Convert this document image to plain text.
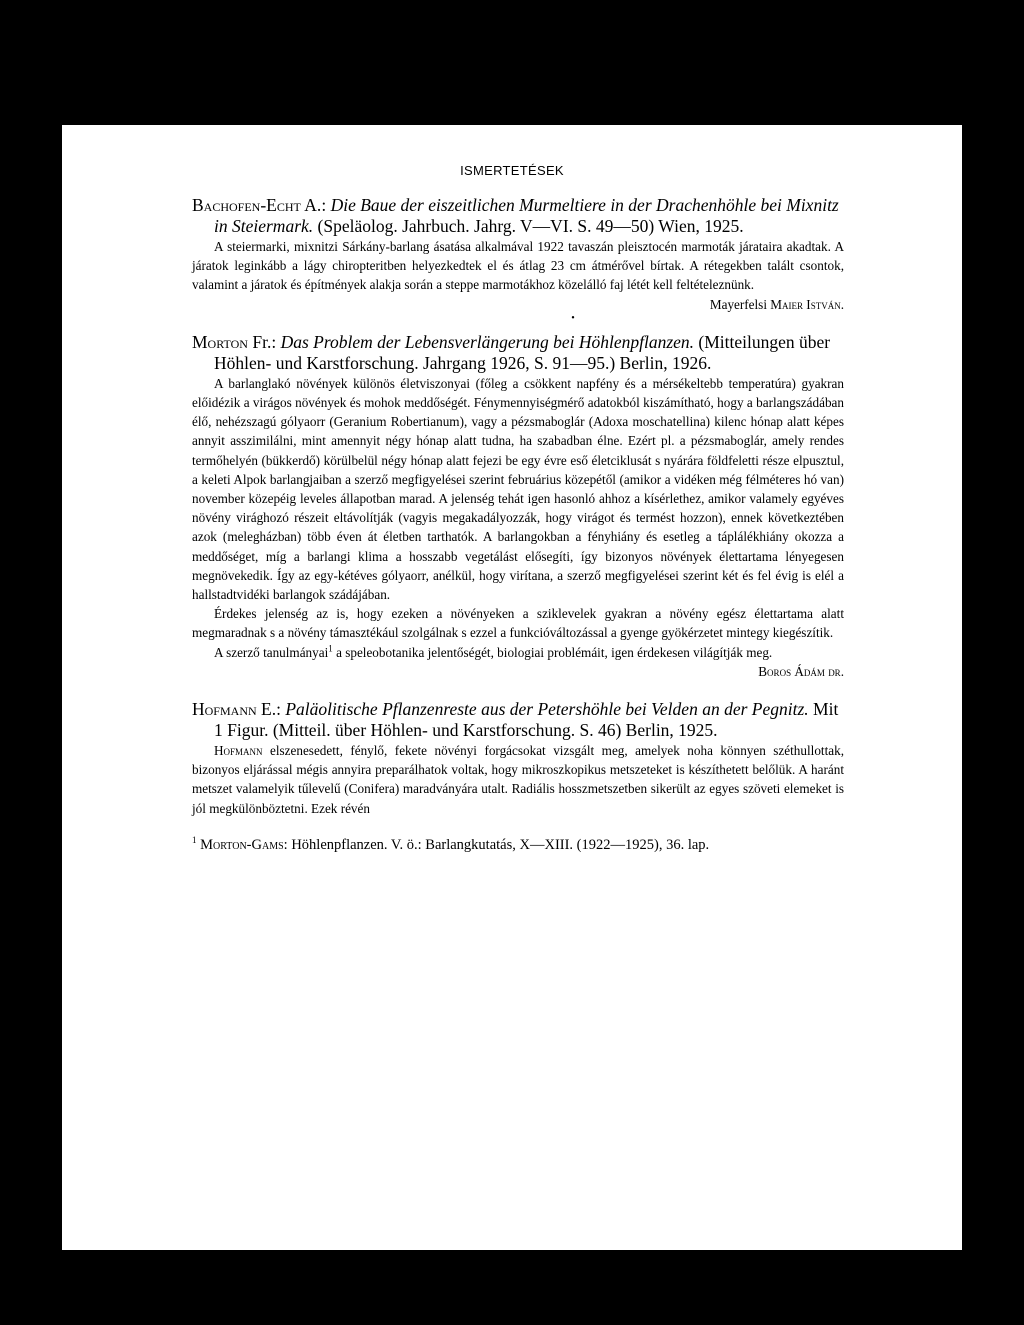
ISMERTETÉSEK
Bachofen-Echt A.: Die Baue der eiszeitlichen Murmeltiere in der Drachenhöhle bei Mixnitz in Steiermark. (Speläolog. Jahrbuch. Jahrg. V—VI. S. 49—50) Wien, 1925.

A steiermarki, mixnitzi Sárkány-barlang ásatása alkalmával 1922 tavaszán pleisztocén marmoták járataira akadtak. A járatok leginkább a lágy chiropteritben helyezkedtek el és átlag 23 cm átmérővel bírtak. A rétegekben talált csontok, valamint a járatok és építmények alakja során a steppe marmotákhoz közelálló faj létét kell feltételeznünk.

Mayerfelsi Maier István.
•
Morton Fr.: Das Problem der Lebensverlängerung bei Höhlenpflanzen. (Mitteilungen über Höhlen- und Karstforschung. Jahrgang 1926, S. 91—95.) Berlin, 1926.

A barlanglakó növények különös életviszonyai (főleg a csökkent napfény és a mérsékeltebb temperatúra) gyakran előidézik a virágos növények és mohok meddőségét. Fénymennyiségmérő adatokból kiszámítható, hogy a barlangszádában élő, nehézszagú gólyaorr (Geranium Robertianum), vagy a pézsmaboglár (Adoxa moschatellina) kilenc hónap alatt képes annyit asszimilálni, mint amennyit négy hónap alatt tudna, ha szabadban élne. Ezért pl. a pézsmaboglár, amely rendes termőhelyén (bükkerdő) körülbelül négy hónap alatt fejezi be egy évre eső életciklusát s nyárára földfeletti része elpusztul, a keleti Alpok barlangjaiban a szerző megfigyelései szerint februárius közepétől (amikor a vidéken még félméteres hó van) november közepéig leveles állapotban marad. A jelenség tehát igen hasonló ahhoz a kísérlethez, amikor valamely egyéves növény virághozó részeit eltávolítják (vagyis megakadályozzák, hogy virágot és termést hozzon), ennek következtében azok (melegházban) több éven át életben tarthatók. A barlangokban a fényhiány és esetleg a táplálékhiány okozza a meddőséget, míg a barlangi klima a hosszabb vegetálást elősegíti, így bizonyos növények élettartama lényegesen megnövekedik. Így az egy-kétéves gólyaorr, anélkül, hogy virítana, a szerző megfigyelései szerint két és fel évig is elél a hallstadtvidéki barlangok szádájában.

Érdekes jelenség az is, hogy ezeken a növényeken a sziklevelek gyakran a növény egész élettartama alatt megmaradnak s a növény támasztékául szolgálnak s ezzel a funkcióváltozással a gyenge gyökérzetet mintegy kiegészítik.

A szerző tanulmányai$^1$ a speleobotanika jelentőségét, biologiai problémáit, igen érdekesen világítják meg.

Boros Ádám dr.
Hofmann E.: Paläolitische Pflanzenreste aus der Petershöhle bei Velden an der Pegnitz. Mit 1 Figur. (Mitteil. über Höhlen- und Karstforschung. S. 46) Berlin, 1925.

Hofmann elszenesedett, fénylő, fekete növényi forgácsokat vizsgált meg, amelyek noha könnyen széthullottak, bizonyos eljárással mégis annyira preparálhatok voltak, hogy mikroszkopikus metszeteket is készíthetett belőlük. A haránt metszet valamelyik tűlevelű (Conifera) maradványára utalt. Radiális hosszmetszetben sikerült az egyes szöveti elemeket is jól megkülönböztetni. Ezek révén

$^1$ Morton-Gams: Höhlenpflanzen. V. ö.: Barlangkutatás, X—XIII. (1922—1925), 36. lap.
